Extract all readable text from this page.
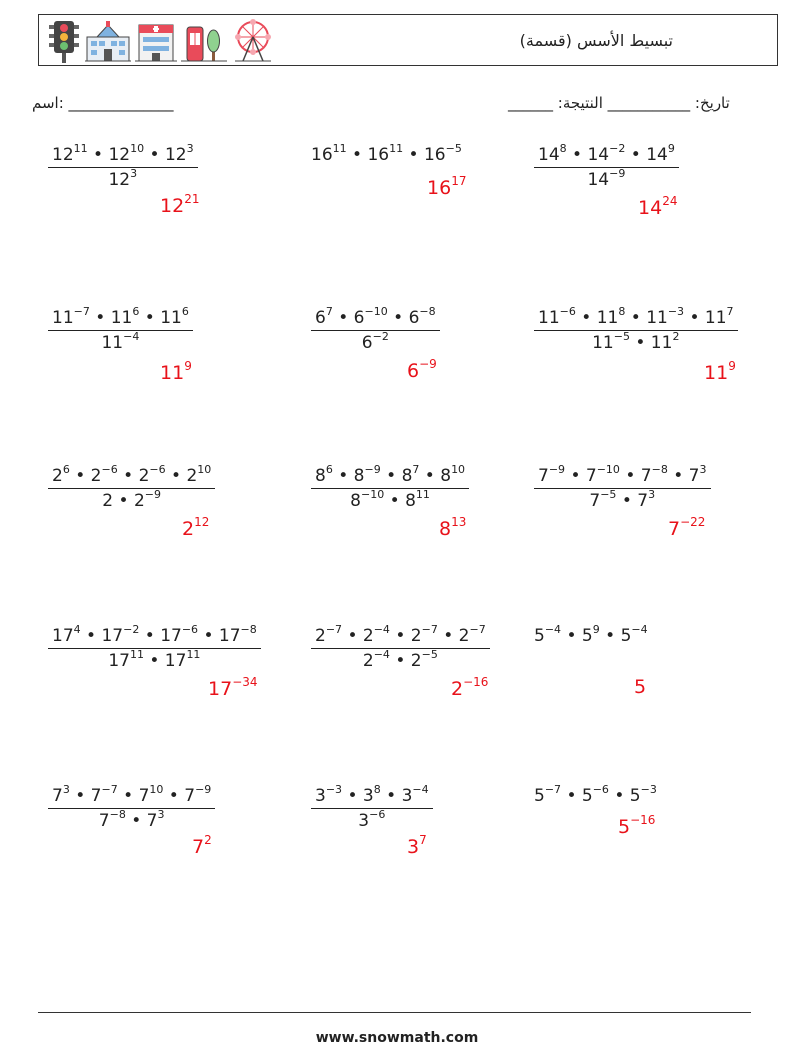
(تبسيط الأسس (قسمة
اسم: ______________	______ :تاريخ: ___________ النتيجة
$\frac{12^{11} • 12^{10} • 12^3}{12^3}$
$12^{21}$
$16^{11}$ • $16^{11}$ • $16^{-5}$
$16^{17}$	$\frac{14^8 • 14^{-2} • 14^9}{14^{-9}}$
$14^{24}$
$\frac{11^{-7} • 11^6 • 11^6}{11^{-4}}$
$11^9$
$\frac{6^7 • 6^{-10} • 6^{-8}}{6^{-2}}$
$6^{-9}$
$\frac{11^{-6} • 11^8 • 11^{-3} • 11^7}{11^{-5} • 11^2}$
$11^9$
$\frac{2^6 • 2^{-6} • 2^{-6} • 2^{10}}{2 • 2^{-9}}$
$2^{12}$
$\frac{8^6 • 8^{-9} • 8^7 • 8^{10}}{8^{-10} • 8^{11}}$
$8^{13}$
$\frac{7^{-9} • 7^{-10} • 7^{-8} • 7^3}{7^{-5} • 7^3}$
$7^{-22}$
$\frac{17^4 • 17^{-2} • 17^{-6} • 17^{-8}}{17^{11} • 17^{11}}$
$17^{-34}$
$\frac{2^{-7} • 2^{-4} • 2^{-7} • 2^{-7}}{2^{-4} • 2^{-5}}$
$2^{-16}$
$5^{-4}$ • $5^9$ • $5^{-4}$
5
$\frac{7^3 • 7^{-7} • 7^{10} • 7^{-9}}{7^{-8} • 7^3}$
$7^2$
$\frac{3^{-3} • 3^8 • 3^{-4}}{3^{-6}}$
$3^7$
$5^{-7}$ • $5^{-6}$ • $5^{-3}$
$5^{-16}$
www.snowmath.com
